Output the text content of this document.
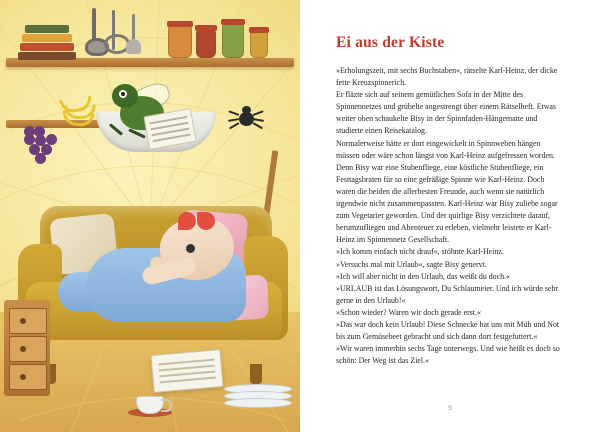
Ei aus der Kiste

»Erholungszeit, mit sechs Buchstaben«, rätselte Karl-Heinz, der dicke fette Kreuzspinnerich.

Er fläzte sich auf seinem gemütlichen Sofa in der Mitte des Spinnennetzes und grübelte angestrengt über einem Rätselheft. Etwas weiter oben schaukelte Bisy in der Spinnfaden-Hängematte und studierte einen Reisekatalog.

Normalerweise hätte er dort eingewickelt in Spinnweben hängen müssen oder wäre schon längst von Karl-Heinz aufgefressen worden. Denn Bisy war eine Stubenfliege, eine köstliche Stubenfliege, ein Festtagsbraten für so eine gefräßige Spinne wie Karl-Heinz. Doch waren die beiden die allerbesten Freunde, auch wenn sie natürlich irgendwie nicht zusammenpassten. Karl-Heinz war Bisy zuliebe sogar zum Vegetarier geworden. Und der quirlige Bisy verzichtete darauf, herumzufliegen und Abenteuer zu erleben, vielmehr leistete er Karl-Heinz im Spinnennetz Gesellschaft.

»Ich komm einfach nicht drauf«, stöhnte Karl-Heinz.

»Versuchs mal mit Urlaub«, sagte Bisy genervt.

»Ich will aber nicht in den Urlaub, das weißt du doch.«

»URLAUB ist das Lösungswort, Du Schlaumeier. Und ich würde sehr gerne in den Urlaub!«

»Schon wieder? Waren wir doch gerade erst.«

»Das war doch kein Urlaub! Diese Schnecke hat uns mit Müh und Not bis zum Gemüsebeet gebracht und sich dann dort festgefuttert.«

»Wir waren immerhin sechs Tage unterwegs. Und wie heißt es doch so schön: Der Weg ist das Ziel.«

9
